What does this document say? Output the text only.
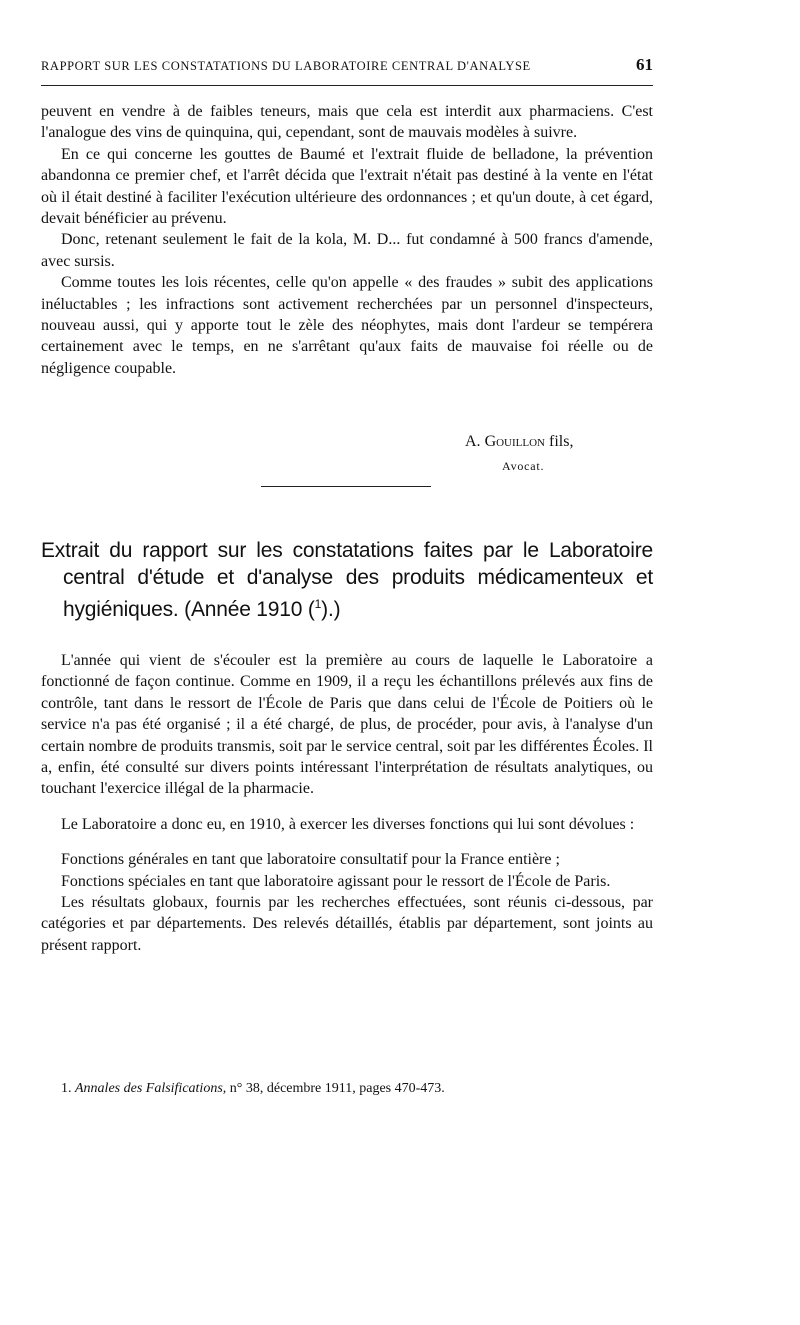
RAPPORT SUR LES CONSTATATIONS DU LABORATOIRE CENTRAL D'ANALYSE	61

peuvent en vendre à de faibles teneurs, mais que cela est interdit aux pharmaciens. C'est l'analogue des vins de quinquina, qui, cependant, sont de mauvais modèles à suivre.

En ce qui concerne les gouttes de Baumé et l'extrait fluide de belladone, la prévention abandonna ce premier chef, et l'arrêt décida que l'extrait n'était pas destiné à la vente en l'état où il était destiné à faciliter l'exécution ultérieure des ordonnances ; et qu'un doute, à cet égard, devait bénéficier au prévenu.

Donc, retenant seulement le fait de la kola, M. D... fut condamné à 500 francs d'amende, avec sursis.

Comme toutes les lois récentes, celle qu'on appelle « des fraudes » subit des applications inéluctables ; les infractions sont activement recherchées par un personnel d'inspecteurs, nouveau aussi, qui y apporte tout le zèle des néophytes, mais dont l'ardeur se tempérera certainement avec le temps, en ne s'arrêtant qu'aux faits de mauvaise foi réelle ou de négligence coupable.

A. Gouillon fils,
Avocat.
Extrait du rapport sur les constatations faites par le Laboratoire
central d'étude et d'analyse des produits médicamenteux et hygiéniques. (Année 1910 ($^1$).)

L'année qui vient de s'écouler est la première au cours de laquelle le Laboratoire a fonctionné de façon continue. Comme en 1909, il a reçu les échantillons prélevés aux fins de contrôle, tant dans le ressort de l'École de Paris que dans celui de l'École de Poitiers où le service n'a pas été organisé ; il a été chargé, de plus, de procéder, pour avis, à l'analyse d'un certain nombre de produits transmis, soit par le service central, soit par les différentes Écoles. Il a, enfin, été consulté sur divers points intéressant l'interprétation de résultats analytiques, ou touchant l'exercice illégal de la pharmacie.

Le Laboratoire a donc eu, en 1910, à exercer les diverses fonctions qui lui sont dévolues :

Fonctions générales en tant que laboratoire consultatif pour la France entière ;

Fonctions spéciales en tant que laboratoire agissant pour le ressort de l'École de Paris.

Les résultats globaux, fournis par les recherches effectuées, sont réunis ci-dessous, par catégories et par départements. Des relevés détaillés, établis par département, sont joints au présent rapport.

1. Annales des Falsifications, n° 38, décembre 1911, pages 470-473.
